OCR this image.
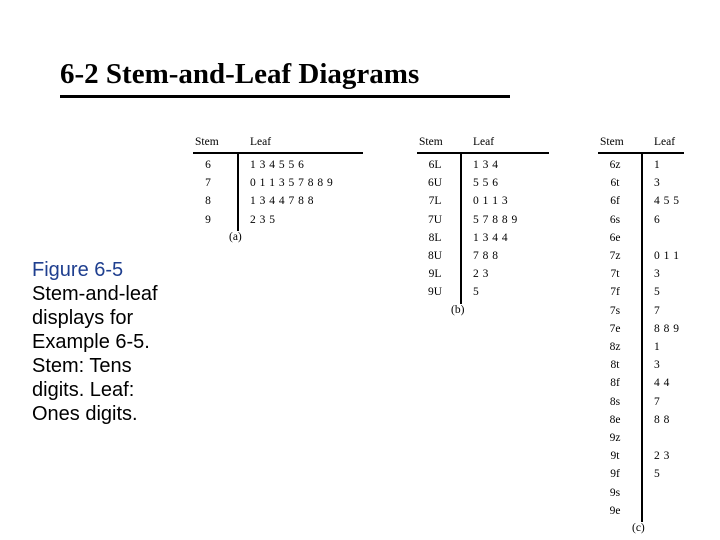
6-2 Stem-and-Leaf Diagrams
Figure 6-5
Stem-and-leaf displays for Example 6-5. Stem: Tens digits. Leaf: Ones digits.
Stem	Leaf
6	1 3 4 5 5 6
7	0 1 1 3 5 7 8 8 9
8	1 3 4 4 7 8 8
9	2 3 5
(a)
Stem	Leaf
6L	1 3 4
6U	5 5 6
7L	0 1 1 3
7U	5 7 8 8 9
8L	1 3 4 4
8U	7 8 8
9L	2 3
9U	5
(b)
Stem	Leaf
6z	1
6t	3
6f	4 5 5
6s	6
6e
7z	0 1 1
7t	3
7f	5
7s	7
7e	8 8 9
8z	1
8t	3
8f	4 4
8s	7
8e	8 8
9z
9t	2 3
9f	5
9s
9e
(c)
